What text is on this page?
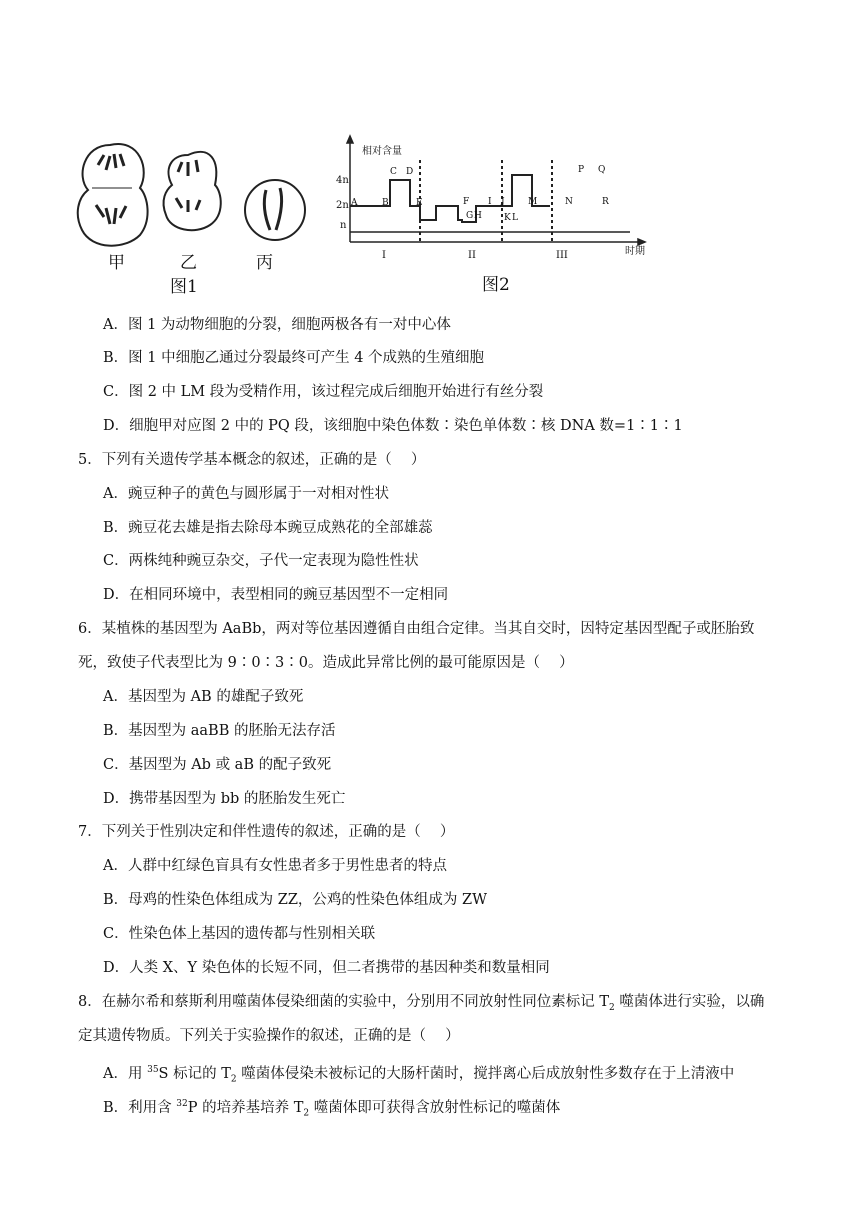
甲	乙	丙
图1
相对含量
4n
2n
n
时期
I	II	III
A	B
C D
E	F
G H
I J
K L
M	N
P Q
R
图2
A．图 1 为动物细胞的分裂，细胞两极各有一对中心体
B．图 1 中细胞乙通过分裂最终可产生 4 个成熟的生殖细胞
C．图 2 中 LM 段为受精作用，该过程完成后细胞开始进行有丝分裂
D．细胞甲对应图 2 中的 PQ 段，该细胞中染色体数∶染色单体数∶核 DNA 数=1∶1∶1
5．下列有关遗传学基本概念的叙述，正确的是（　 ）
A．豌豆种子的黄色与圆形属于一对相对性状
B．豌豆花去雄是指去除母本豌豆成熟花的全部雄蕊
C．两株纯种豌豆杂交，子代一定表现为隐性性状
D．在相同环境中，表型相同的豌豆基因型不一定相同
6．某植株的基因型为 AaBb，两对等位基因遵循自由组合定律。当其自交时，因特定基因型配子或胚胎致
死，致使子代表型比为 9∶0∶3∶0。造成此异常比例的最可能原因是（　 ）
A．基因型为 AB 的雄配子致死
B．基因型为 aaBB 的胚胎无法存活
C．基因型为 Ab 或 aB 的配子致死
D．携带基因型为 bb 的胚胎发生死亡
7．下列关于性别决定和伴性遗传的叙述，正确的是（　 ）
A．人群中红绿色盲具有女性患者多于男性患者的特点
B．母鸡的性染色体组成为 ZZ，公鸡的性染色体组成为 ZW
C．性染色体上基因的遗传都与性别相关联
D．人类 X、Y 染色体的长短不同，但二者携带的基因种类和数量相同
8．在赫尔希和蔡斯利用噬菌体侵染细菌的实验中，分别用不同放射性同位素标记 $T_2$ 噬菌体进行实验，以确
定其遗传物质。下列关于实验操作的叙述，正确的是（　 ）
A．用 $^{35}$S 标记的 $T_2$ 噬菌体侵染未被标记的大肠杆菌时，搅拌离心后成放射性多数存在于上清液中
B．利用含 $^{32}$P 的培养基培养 $T_2$ 噬菌体即可获得含放射性标记的噬菌体
